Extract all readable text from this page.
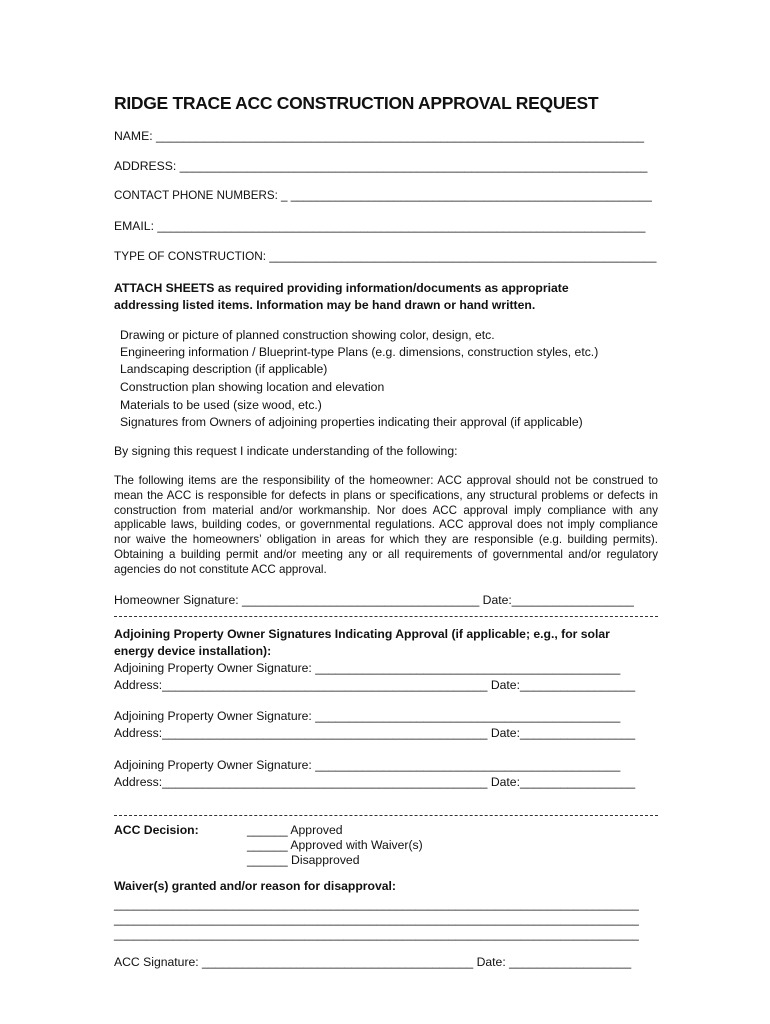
RIDGE TRACE ACC CONSTRUCTION APPROVAL REQUEST
NAME: ________________________________________________________________________
ADDRESS: _____________________________________________________________________
CONTACT PHONE NUMBERS: _ ________________________________________________________
EMAIL: ________________________________________________________________________
TYPE OF CONSTRUCTION: ___________________________________________________________
ATTACH SHEETS as required providing information/documents as appropriate
addressing listed items. Information may be hand drawn or hand written.
Drawing or picture of planned construction showing color, design, etc.
Engineering information / Blueprint-type Plans (e.g. dimensions, construction styles, etc.)
Landscaping description (if applicable)
Construction plan showing location and elevation
Materials to be used (size wood, etc.)
Signatures from Owners of adjoining properties indicating their approval (if applicable)
By signing this request I indicate understanding of the following:
The following items are the responsibility of the homeowner: ACC approval should not be construed to mean the ACC is responsible for defects in plans or specifications, any structural problems or defects in construction from material and/or workmanship. Nor does ACC approval imply compliance with any applicable laws, building codes, or governmental regulations. ACC approval does not imply compliance nor waive the homeowners’ obligation in areas for which they are responsible (e.g. building permits). Obtaining a building permit and/or meeting any or all requirements of governmental and/or regulatory agencies do not constitute ACC approval.
Homeowner Signature: ___________________________________ Date:__________________
Adjoining Property Owner Signatures Indicating Approval (if applicable; e.g., for solar
energy device installation):
Adjoining Property Owner Signature: _____________________________________________
Address:________________________________________________ Date:_________________
Adjoining Property Owner Signature: _____________________________________________
Address:________________________________________________ Date:_________________
Adjoining Property Owner Signature: _____________________________________________
Address:________________________________________________ Date:_________________
ACC Decision:	______ Approved
______ Approved with Waiver(s)
______ Disapproved
Waiver(s) granted and/or reason for disapproval:
________________________________________________________________________________
________________________________________________________________________________
________________________________________________________________________________
ACC Signature: ________________________________________ Date: __________________
